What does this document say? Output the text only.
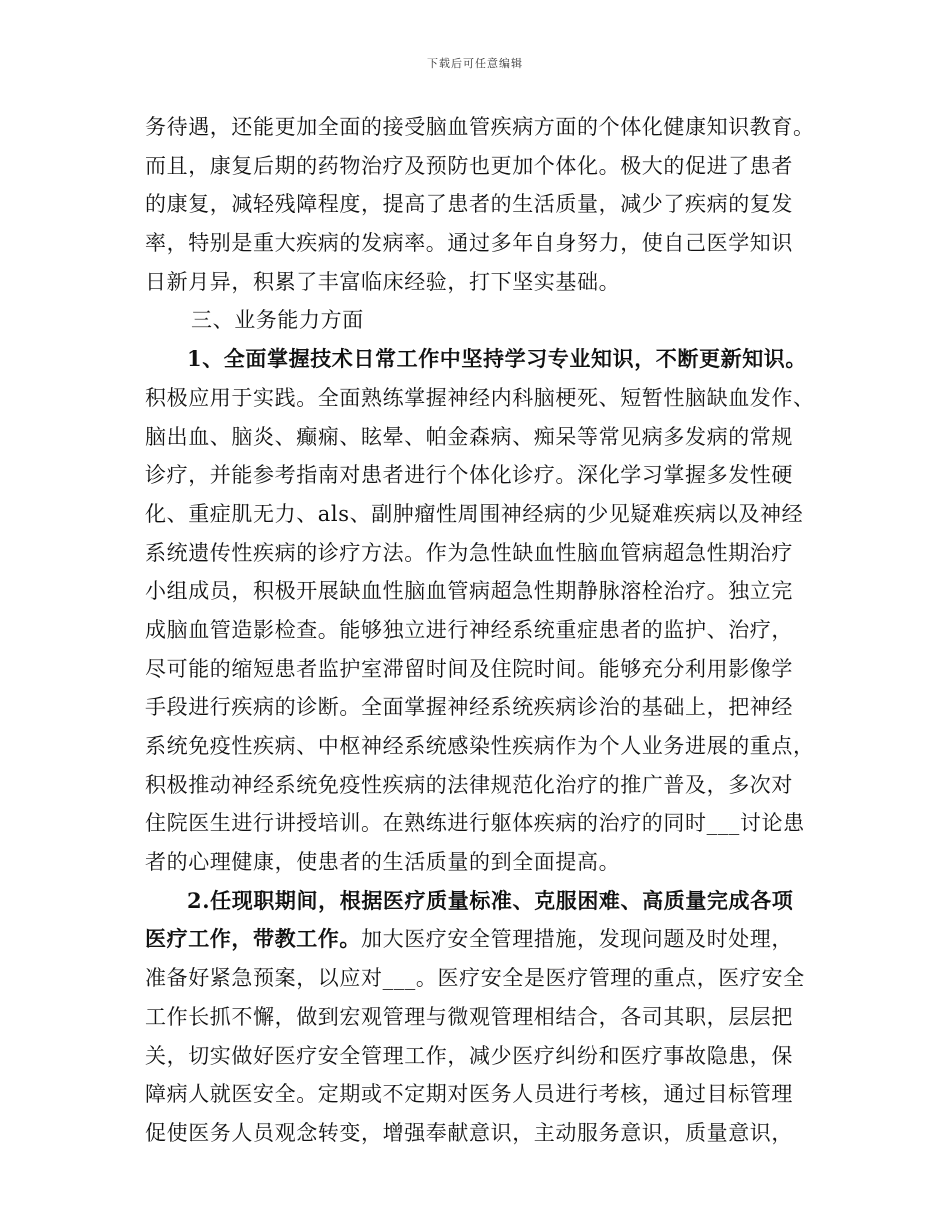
下载后可任意编辑
务待遇，还能更加全面的接受脑血管疾病方面的个体化健康知识教育。
而且，康复后期的药物治疗及预防也更加个体化。极大的促进了患者
的康复，减轻残障程度，提高了患者的生活质量，减少了疾病的复发
率，特别是重大疾病的发病率。通过多年自身努力，使自己医学知识
日新月异，积累了丰富临床经验，打下坚实基础。
三、业务能力方面
1、全面掌握技术日常工作中坚持学习专业知识，不断更新知识。
积极应用于实践。全面熟练掌握神经内科脑梗死、短暂性脑缺血发作、
脑出血、脑炎、癫痫、眩晕、帕金森病、痴呆等常见病多发病的常规
诊疗，并能参考指南对患者进行个体化诊疗。深化学习掌握多发性硬
化、重症肌无力、als、副肿瘤性周围神经病的少见疑难疾病以及神经
系统遗传性疾病的诊疗方法。作为急性缺血性脑血管病超急性期治疗
小组成员，积极开展缺血性脑血管病超急性期静脉溶栓治疗。独立完
成脑血管造影检查。能够独立进行神经系统重症患者的监护、治疗，
尽可能的缩短患者监护室滞留时间及住院时间。能够充分利用影像学
手段进行疾病的诊断。全面掌握神经系统疾病诊治的基础上，把神经
系统免疫性疾病、中枢神经系统感染性疾病作为个人业务进展的重点，
积极推动神经系统免疫性疾病的法律规范化治疗的推广普及，多次对
住院医生进行讲授培训。在熟练进行躯体疾病的治疗的同时___讨论患
者的心理健康，使患者的生活质量的到全面提高。
2.任现职期间，根据医疗质量标准、克服困难、高质量完成各项
医疗工作，带教工作。加大医疗安全管理措施，发现问题及时处理，
准备好紧急预案，以应对___。医疗安全是医疗管理的重点，医疗安全
工作长抓不懈，做到宏观管理与微观管理相结合，各司其职，层层把
关，切实做好医疗安全管理工作，减少医疗纠纷和医疗事故隐患，保
障病人就医安全。定期或不定期对医务人员进行考核，通过目标管理
促使医务人员观念转变，增强奉献意识，主动服务意识，质量意识，
